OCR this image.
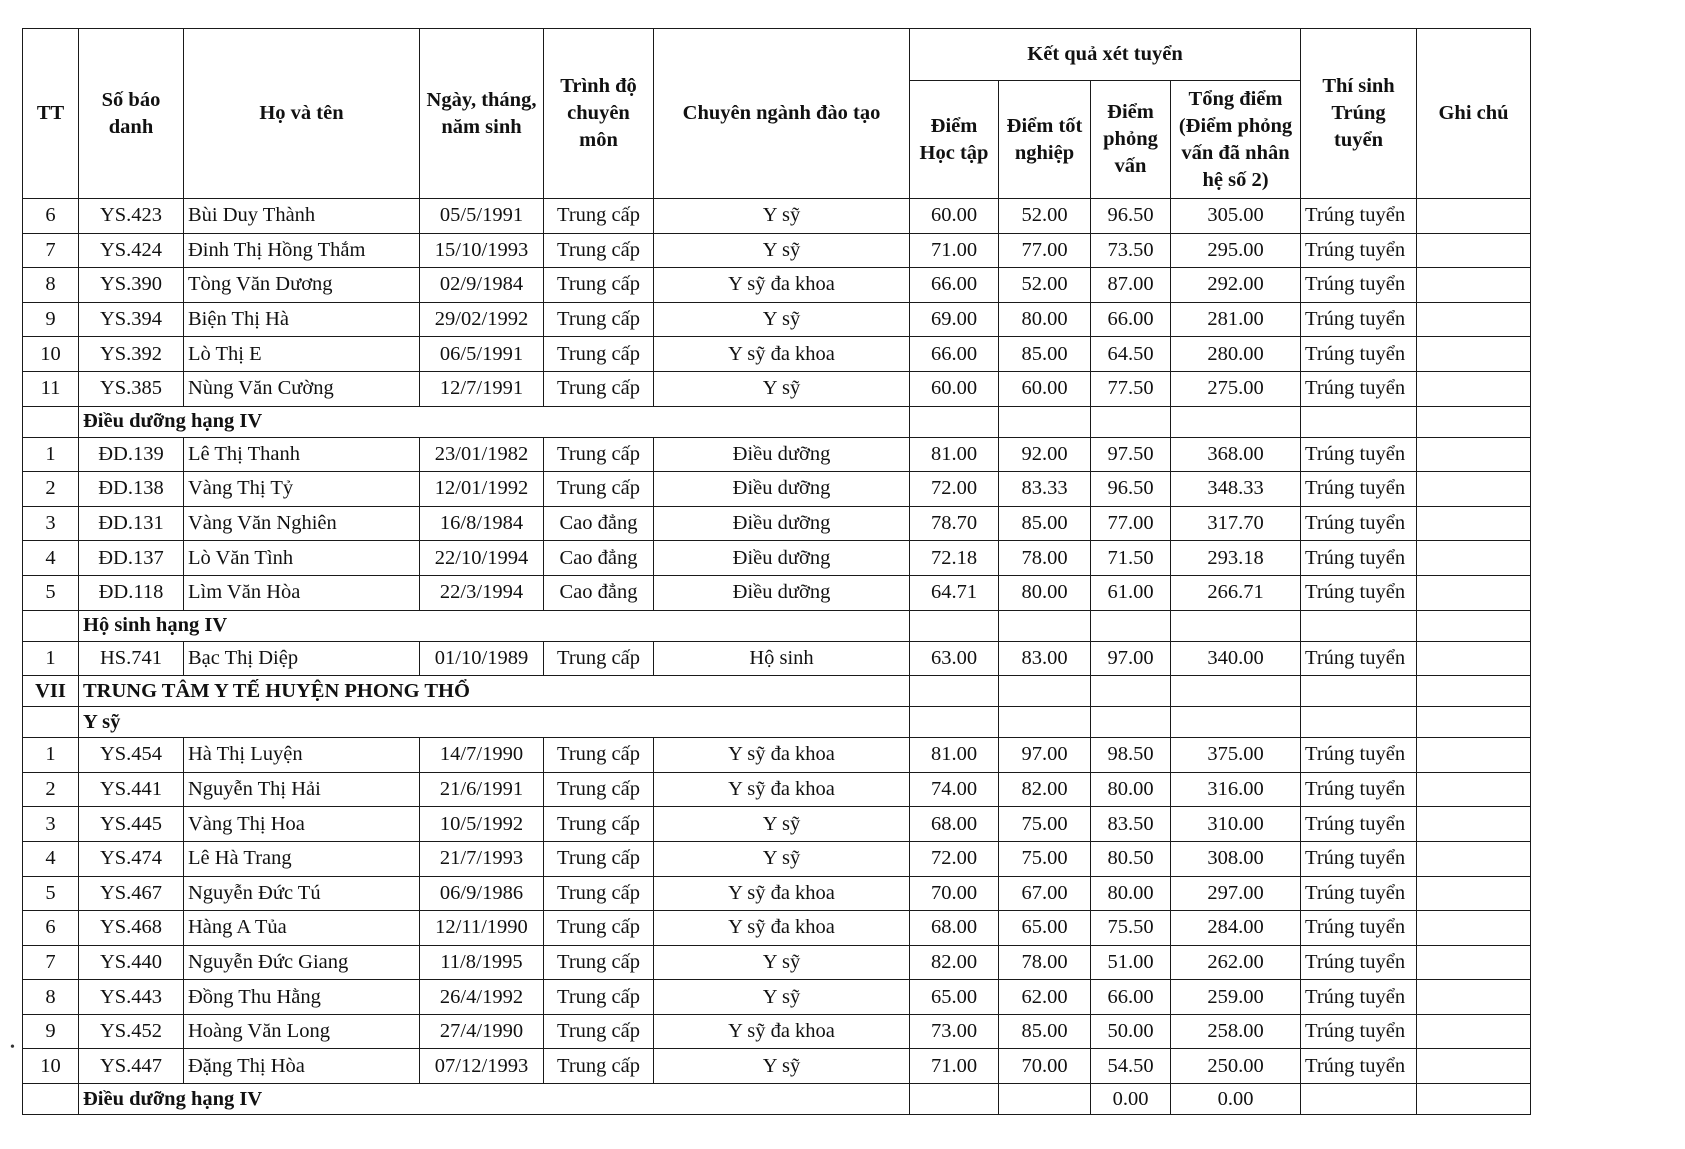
TT	Số báo danh	Họ và tên	Ngày, tháng, năm sinh	Trình độ chuyên môn	Chuyên ngành đào tạo	Kết quả xét tuyển				Thí sinh Trúng tuyển	Ghi chú
						Điểm Học tập	Điểm tốt nghiệp	Điểm phỏng vấn	Tổng điểm (Điểm phỏng vấn đã nhân hệ số 2)		
6	YS.423	Bùi Duy Thành	05/5/1991	Trung cấp	Y sỹ	60.00	52.00	96.50	305.00	Trúng tuyển	
7	YS.424	Đinh Thị Hồng Thắm	15/10/1993	Trung cấp	Y sỹ	71.00	77.00	73.50	295.00	Trúng tuyển	
8	YS.390	Tòng Văn Dương	02/9/1984	Trung cấp	Y sỹ đa khoa	66.00	52.00	87.00	292.00	Trúng tuyển	
9	YS.394	Biện Thị Hà	29/02/1992	Trung cấp	Y sỹ	69.00	80.00	66.00	281.00	Trúng tuyển	
10	YS.392	Lò Thị E	06/5/1991	Trung cấp	Y sỹ đa khoa	66.00	85.00	64.50	280.00	Trúng tuyển	
11	YS.385	Nùng Văn Cường	12/7/1991	Trung cấp	Y sỹ	60.00	60.00	77.50	275.00	Trúng tuyển	
	Điều dưỡng hạng IV										
1	ĐD.139	Lê Thị Thanh	23/01/1982	Trung cấp	Điều dưỡng	81.00	92.00	97.50	368.00	Trúng tuyển	
2	ĐD.138	Vàng Thị Tỷ	12/01/1992	Trung cấp	Điều dưỡng	72.00	83.33	96.50	348.33	Trúng tuyển	
3	ĐD.131	Vàng Văn Nghiên	16/8/1984	Cao đẳng	Điều dưỡng	78.70	85.00	77.00	317.70	Trúng tuyển	
4	ĐD.137	Lò Văn Tình	22/10/1994	Cao đẳng	Điều dưỡng	72.18	78.00	71.50	293.18	Trúng tuyển	
5	ĐD.118	Lìm Văn Hòa	22/3/1994	Cao đẳng	Điều dưỡng	64.71	80.00	61.00	266.71	Trúng tuyển	
	Hộ sinh hạng IV										
1	HS.741	Bạc Thị Diệp	01/10/1989	Trung cấp	Hộ sinh	63.00	83.00	97.00	340.00	Trúng tuyển	
VII	TRUNG TÂM Y TẾ HUYỆN PHONG THỔ										
	Y sỹ										
1	YS.454	Hà Thị Luyện	14/7/1990	Trung cấp	Y sỹ đa khoa	81.00	97.00	98.50	375.00	Trúng tuyển	
2	YS.441	Nguyễn Thị Hải	21/6/1991	Trung cấp	Y sỹ đa khoa	74.00	82.00	80.00	316.00	Trúng tuyển	
3	YS.445	Vàng Thị Hoa	10/5/1992	Trung cấp	Y sỹ	68.00	75.00	83.50	310.00	Trúng tuyển	
4	YS.474	Lê Hà Trang	21/7/1993	Trung cấp	Y sỹ	72.00	75.00	80.50	308.00	Trúng tuyển	
5	YS.467	Nguyễn Đức Tú	06/9/1986	Trung cấp	Y sỹ đa khoa	70.00	67.00	80.00	297.00	Trúng tuyển	
6	YS.468	Hàng A Tủa	12/11/1990	Trung cấp	Y sỹ đa khoa	68.00	65.00	75.50	284.00	Trúng tuyển	
7	YS.440	Nguyễn Đức Giang	11/8/1995	Trung cấp	Y sỹ	82.00	78.00	51.00	262.00	Trúng tuyển	
8	YS.443	Đồng Thu Hằng	26/4/1992	Trung cấp	Y sỹ	65.00	62.00	66.00	259.00	Trúng tuyển	
9	YS.452	Hoàng Văn Long	27/4/1990	Trung cấp	Y sỹ đa khoa	73.00	85.00	50.00	258.00	Trúng tuyển	
10	YS.447	Đặng Thị Hòa	07/12/1993	Trung cấp	Y sỹ	71.00	70.00	54.50	250.00	Trúng tuyển	
	Điều dưỡng hạng IV							0.00	0.00		
•
